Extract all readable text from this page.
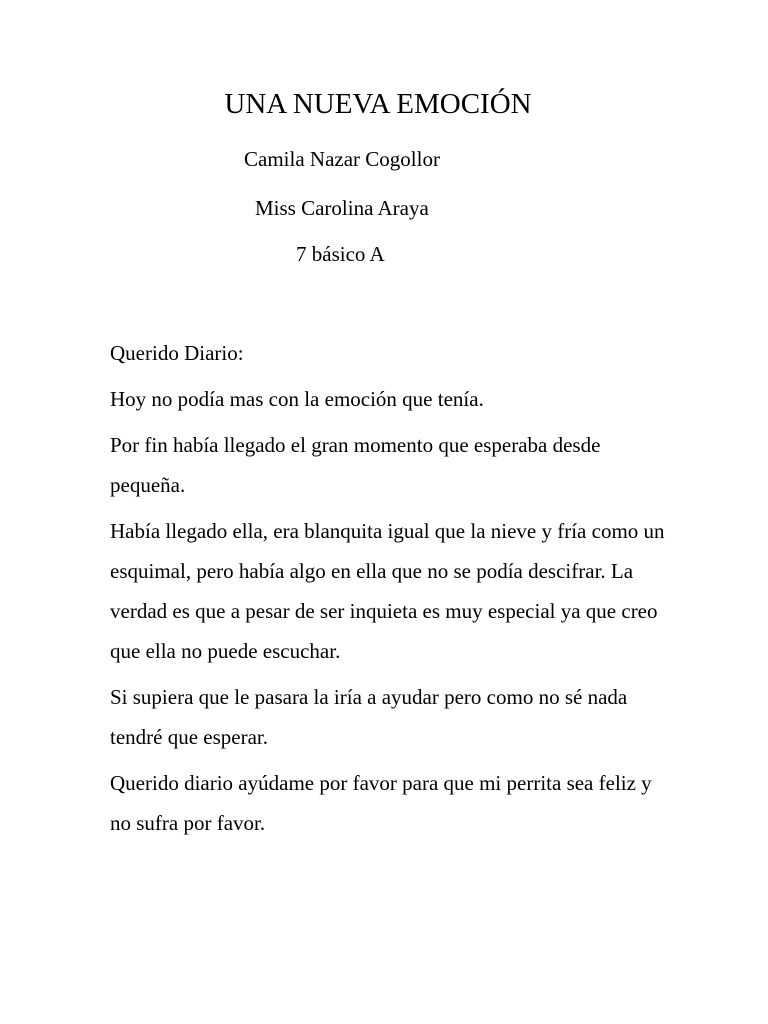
UNA NUEVA EMOCIÓN
Camila Nazar Cogollor
Miss Carolina Araya
7 básico A

Querido Diario:

Hoy no podía mas con la emoción que tenía.

Por fin había llegado el gran momento que esperaba desde pequeña.

Había llegado ella, era blanquita igual que la nieve y fría como un esquimal, pero había algo en ella que no se podía descifrar. La verdad es que a pesar de ser inquieta es muy especial ya que creo que ella no puede escuchar.

Si supiera que le pasara la iría a ayudar pero como no sé nada tendré que esperar.

Querido diario ayúdame por favor para que mi perrita sea feliz y no sufra por favor.
